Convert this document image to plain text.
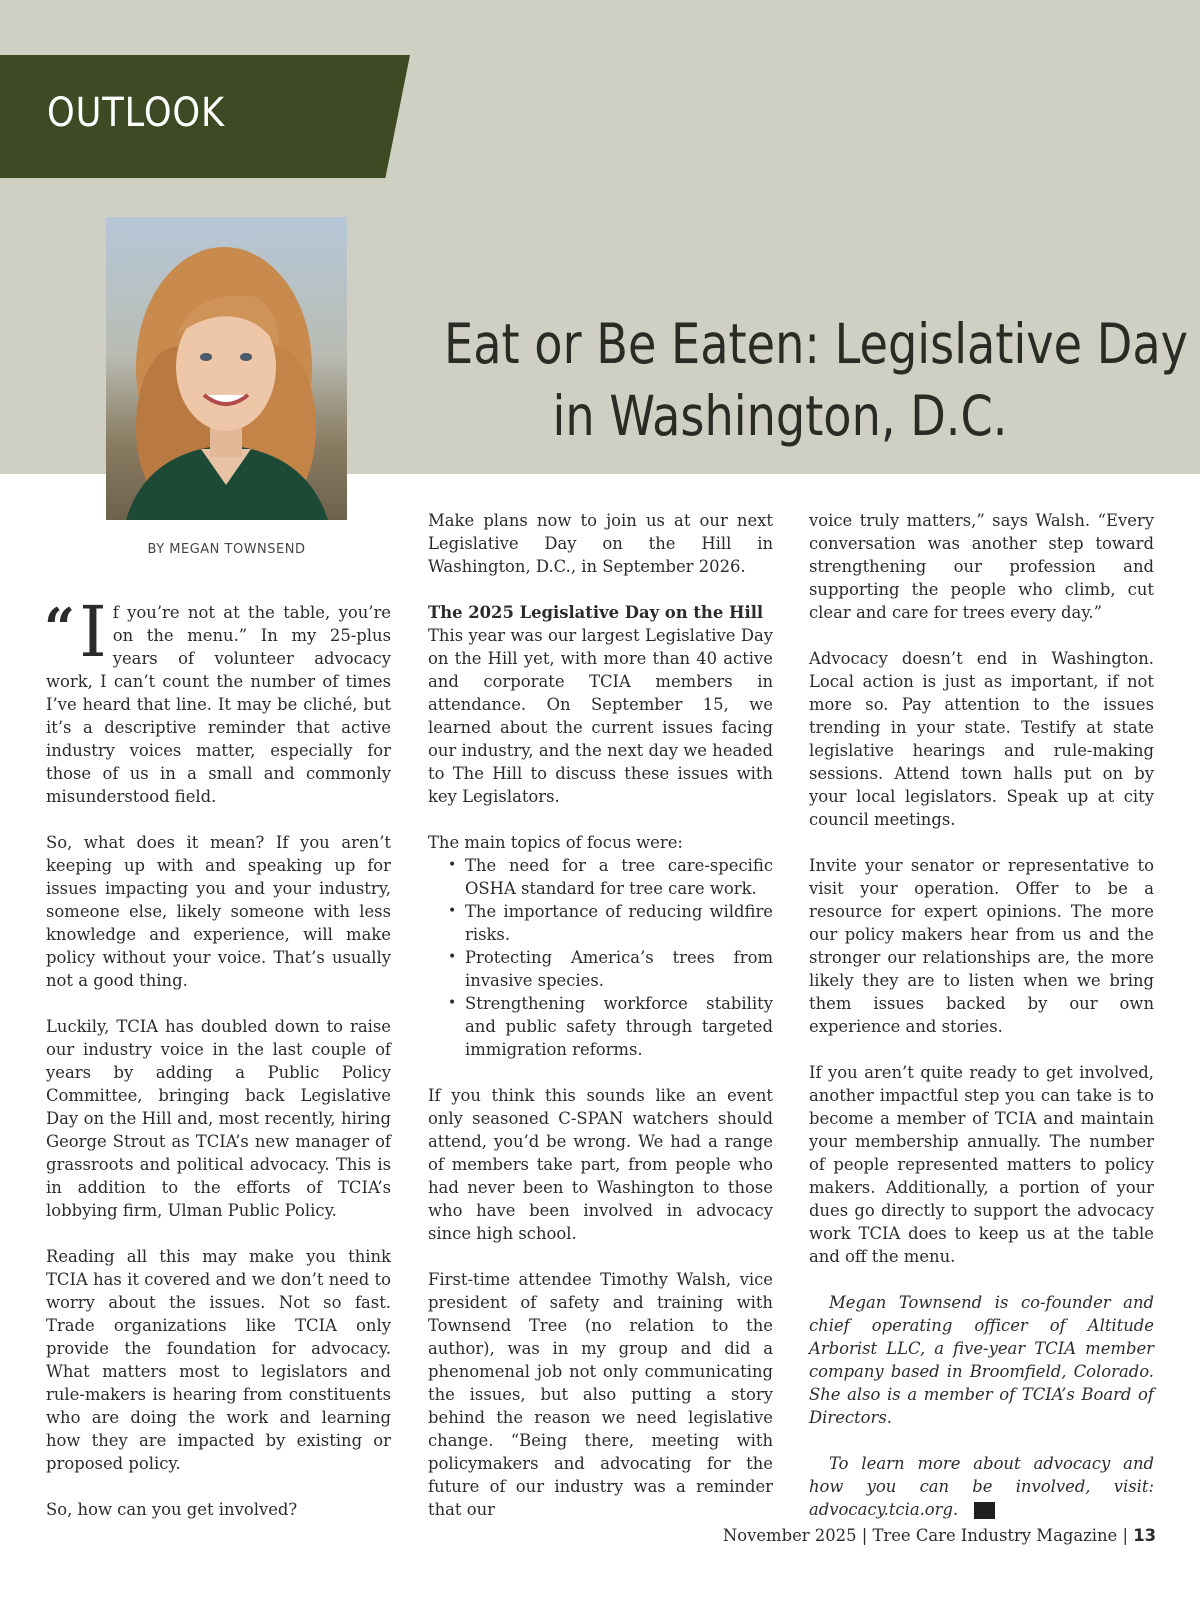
OUTLOOK
Eat or Be Eaten: Legislative Day
in Washington, D.C.
BY MEGAN TOWNSEND

“ I f you’re not at the table, you’re on the menu.” In my 25-plus years of volunteer advocacy work, I can’t count the number of times I’ve heard that line. It may be cliché, but it’s a descriptive reminder that active industry voices matter, especially for those of us in a small and commonly misunderstood field.

So, what does it mean? If you aren’t keeping up with and speaking up for issues impacting you and your industry, someone else, likely someone with less knowledge and experience, will make policy without your voice. That’s usually not a good thing.

Luckily, TCIA has doubled down to raise our industry voice in the last couple of years by adding a Public Policy Committee, bringing back Legislative Day on the Hill and, most recently, hiring George Strout as TCIA’s new manager of grassroots and political advocacy. This is in addition to the efforts of TCIA’s lobbying firm, Ulman Public Policy.

Reading all this may make you think TCIA has it covered and we don’t need to worry about the issues. Not so fast. Trade organizations like TCIA only provide the foundation for advocacy. What matters most to legislators and rule-makers is hearing from constituents who are doing the work and learning how they are impacted by existing or proposed policy.

So, how can you get involved?

Make plans now to join us at our next Legislative Day on the Hill in Washington, D.C., in September 2026.

The 2025 Legislative Day on the Hill
This year was our largest Legislative Day on the Hill yet, with more than 40 active and corporate TCIA members in attendance. On September 15, we learned about the current issues facing our industry, and the next day we headed to The Hill to discuss these issues with key Legislators.

The main topics of focus were:
• The need for a tree care-specific OSHA standard for tree care work.
• The importance of reducing wildfire risks.
• Protecting America’s trees from invasive species.
• Strengthening workforce stability and public safety through targeted immigration reforms.

If you think this sounds like an event only seasoned C-SPAN watchers should attend, you’d be wrong. We had a range of members take part, from people who had never been to Washington to those who have been involved in advocacy since high school.

First-time attendee Timothy Walsh, vice president of safety and training with Townsend Tree (no relation to the author), was in my group and did a phenomenal job not only communicating the issues, but also putting a story behind the reason we need legislative change. “Being there, meeting with policymakers and advocating for the future of our industry was a reminder that our

voice truly matters,” says Walsh. “Every conversation was another step toward strengthening our profession and supporting the people who climb, cut clear and care for trees every day.”

Advocacy doesn’t end in Washington. Local action is just as important, if not more so. Pay attention to the issues trending in your state. Testify at state legislative hearings and rule-making sessions. Attend town halls put on by your local legislators. Speak up at city council meetings.

Invite your senator or representative to visit your operation. Offer to be a resource for expert opinions. The more our policy makers hear from us and the stronger our relationships are, the more likely they are to listen when we bring them issues backed by our own experience and stories.

If you aren’t quite ready to get involved, another impactful step you can take is to become a member of TCIA and maintain your membership annually. The number of people represented matters to policy makers. Additionally, a portion of your dues go directly to support the advocacy work TCIA does to keep us at the table and off the menu.

Megan Townsend is co-founder and chief operating officer of Altitude Arborist LLC, a five-year TCIA member company based in Broomfield, Colorado. She also is a member of TCIA’s Board of Directors.

To learn more about advocacy and how you can be involved, visit: advocacy.tcia.org.

November 2025 | Tree Care Industry Magazine | 13
